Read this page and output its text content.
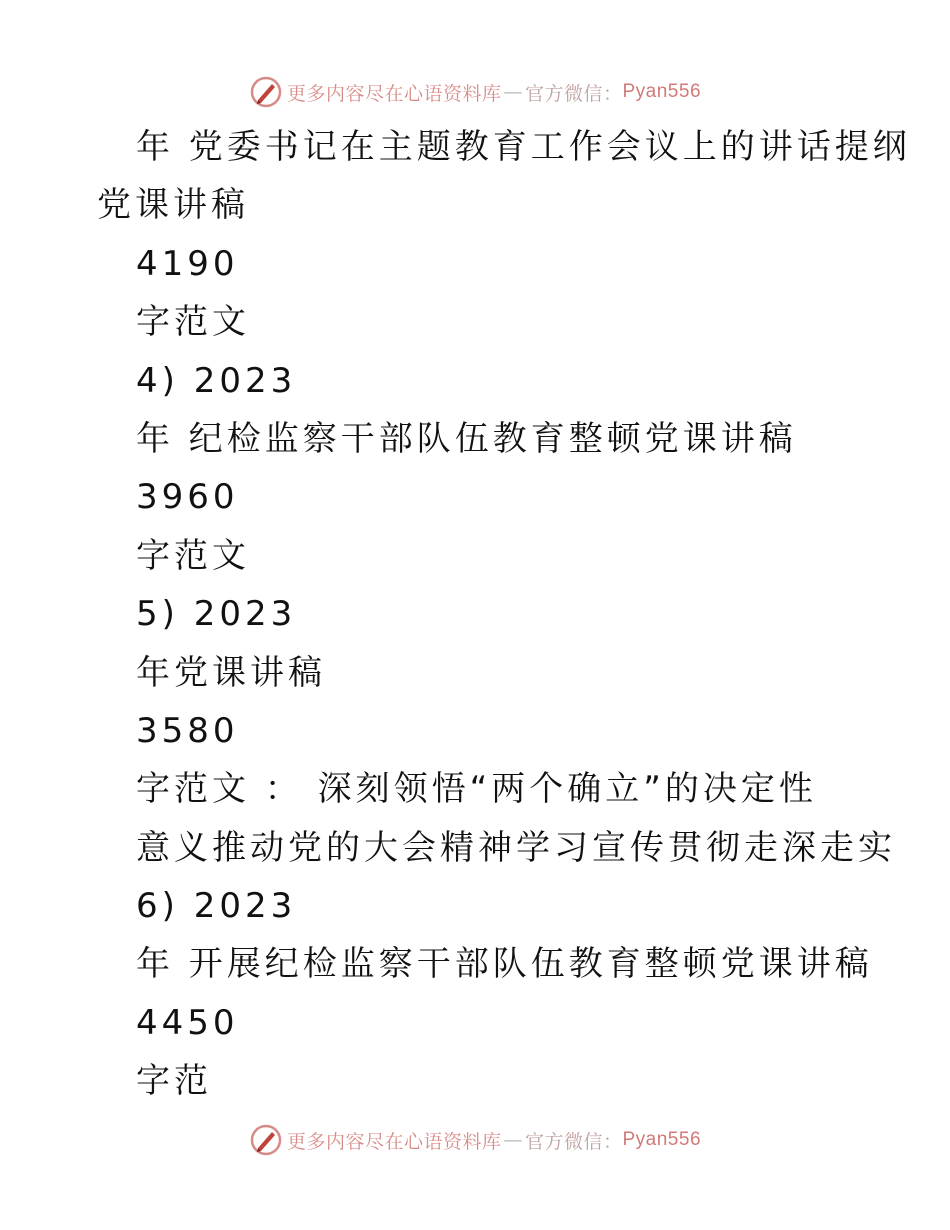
更多内容尽在心语资料库 — 官方微信： Pyan556
年 党委书记在主题教育工作会议上的讲话提纲
党课讲稿
4190
字范文
4) 2023
年 纪检监察干部队伍教育整顿党课讲稿
3960
字范文
5) 2023
年党课讲稿
3580
字范文 ： 深刻领悟“两个确立”的决定性
意义推动党的大会精神学习宣传贯彻走深走实
6) 2023
年 开展纪检监察干部队伍教育整顿党课讲稿
4450
字范
更多内容尽在心语资料库 — 官方微信： Pyan556
